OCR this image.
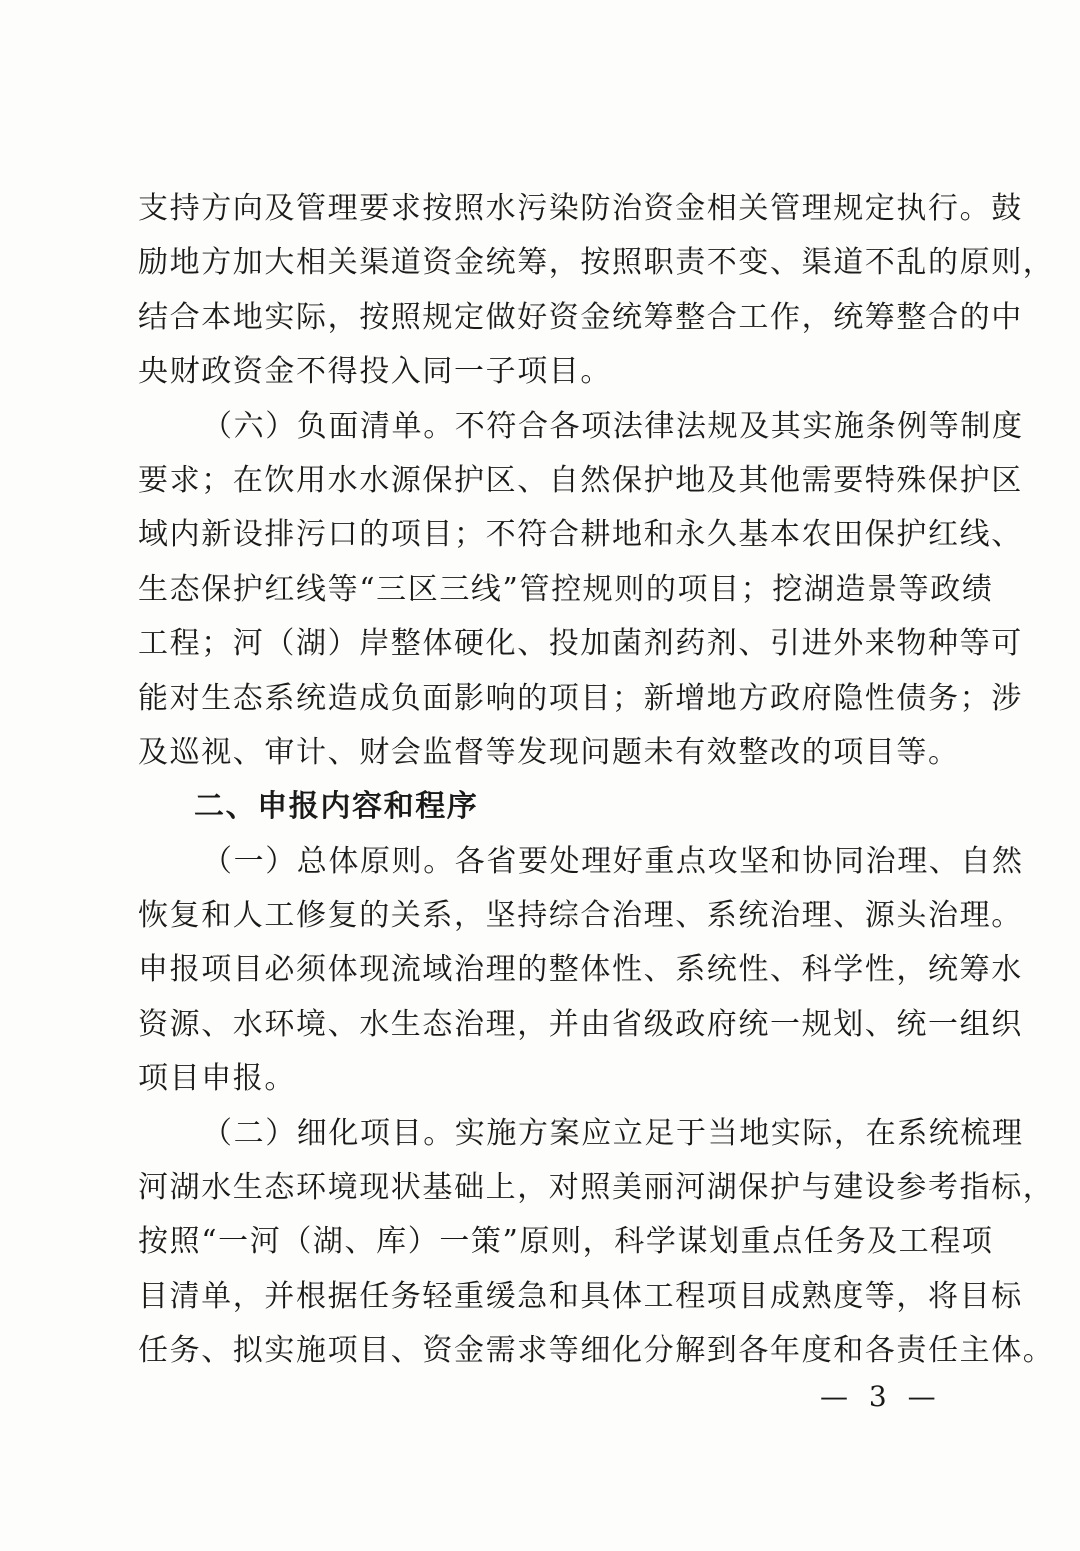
支持方向及管理要求按照水污染防治资金相关管理规定执行。鼓
励地方加大相关渠道资金统筹，按照职责不变、渠道不乱的原则，
结合本地实际，按照规定做好资金统筹整合工作，统筹整合的中
央财政资金不得投入同一子项目。
（六）负面清单。不符合各项法律法规及其实施条例等制度
要求；在饮用水水源保护区、自然保护地及其他需要特殊保护区
域内新设排污口的项目；不符合耕地和永久基本农田保护红线、
生态保护红线等“三区三线”管控规则的项目；挖湖造景等政绩
工程；河（湖）岸整体硬化、投加菌剂药剂、引进外来物种等可
能对生态系统造成负面影响的项目；新增地方政府隐性债务；涉
及巡视、审计、财会监督等发现问题未有效整改的项目等。
二、申报内容和程序
（一）总体原则。各省要处理好重点攻坚和协同治理、自然
恢复和人工修复的关系，坚持综合治理、系统治理、源头治理。
申报项目必须体现流域治理的整体性、系统性、科学性，统筹水
资源、水环境、水生态治理，并由省级政府统一规划、统一组织
项目申报。
（二）细化项目。实施方案应立足于当地实际，在系统梳理
河湖水生态环境现状基础上，对照美丽河湖保护与建设参考指标，
按照“一河（湖、库）一策”原则，科学谋划重点任务及工程项
目清单，并根据任务轻重缓急和具体工程项目成熟度等，将目标
任务、拟实施项目、资金需求等细化分解到各年度和各责任主体。
— 3 —
